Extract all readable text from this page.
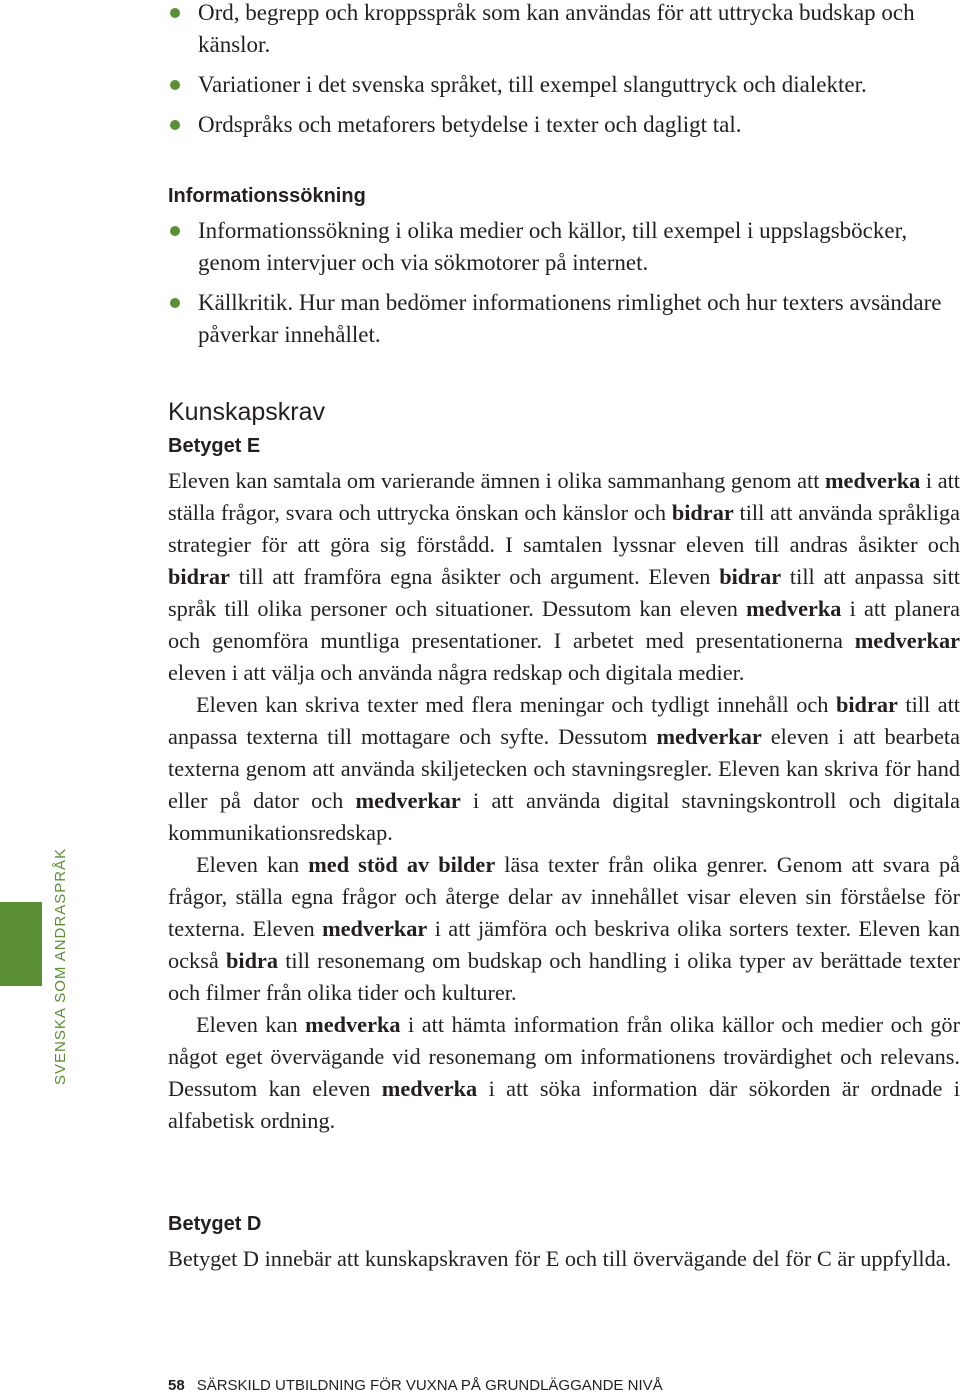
Ord, begrepp och kroppsspråk som kan användas för att uttrycka budskap och känslor.
Variationer i det svenska språket, till exempel slanguttryck och dialekter.
Ordspråks och metaforers betydelse i texter och dagligt tal.
Informationssökning
Informationssökning i olika medier och källor, till exempel i uppslagsböcker, genom intervjuer och via sökmotorer på internet.
Källkritik. Hur man bedömer informationens rimlighet och hur texters avsändare påverkar innehållet.
Kunskapskrav
Betyget E

Eleven kan samtala om varierande ämnen i olika sammanhang genom att medverka i att ställa frågor, svara och uttrycka önskan och känslor och bidrar till att använda språkliga strategier för att göra sig förstådd. I samtalen lyssnar eleven till andras åsikter och bidrar till att framföra egna åsikter och argument. Eleven bidrar till att anpassa sitt språk till olika personer och situationer. Dessutom kan eleven medverka i att planera och genomföra muntliga presentationer. I arbetet med presentationerna medverkar eleven i att välja och använda några redskap och digitala medier.

Eleven kan skriva texter med flera meningar och tydligt innehåll och bidrar till att anpassa texterna till mottagare och syfte. Dessutom medverkar eleven i att bearbeta texterna genom att använda skiljetecken och stavningsregler. Eleven kan skriva för hand eller på dator och medverkar i att använda digital stavningskontroll och digitala kommunikationsredskap.

Eleven kan med stöd av bilder läsa texter från olika genrer. Genom att svara på frågor, ställa egna frågor och återge delar av innehållet visar eleven sin förståelse för texterna. Eleven medverkar i att jämföra och beskriva olika sorters texter. Eleven kan också bidra till resonemang om budskap och handling i olika typer av berättade texter och filmer från olika tider och kulturer.

Eleven kan medverka i att hämta information från olika källor och medier och gör något eget övervägande vid resonemang om informationens trovärdighet och relevans. Dessutom kan eleven medverka i att söka information där sökorden är ordnade i alfabetisk ordning.

Betyget D

Betyget D innebär att kunskapskraven för E och till övervägande del för C är uppfyllda.

SVENSKA SOM ANDRASPRÅK
58 SÄRSKILD UTBILDNING FÖR VUXNA PÅ GRUNDLÄGGANDE NIVÅ
